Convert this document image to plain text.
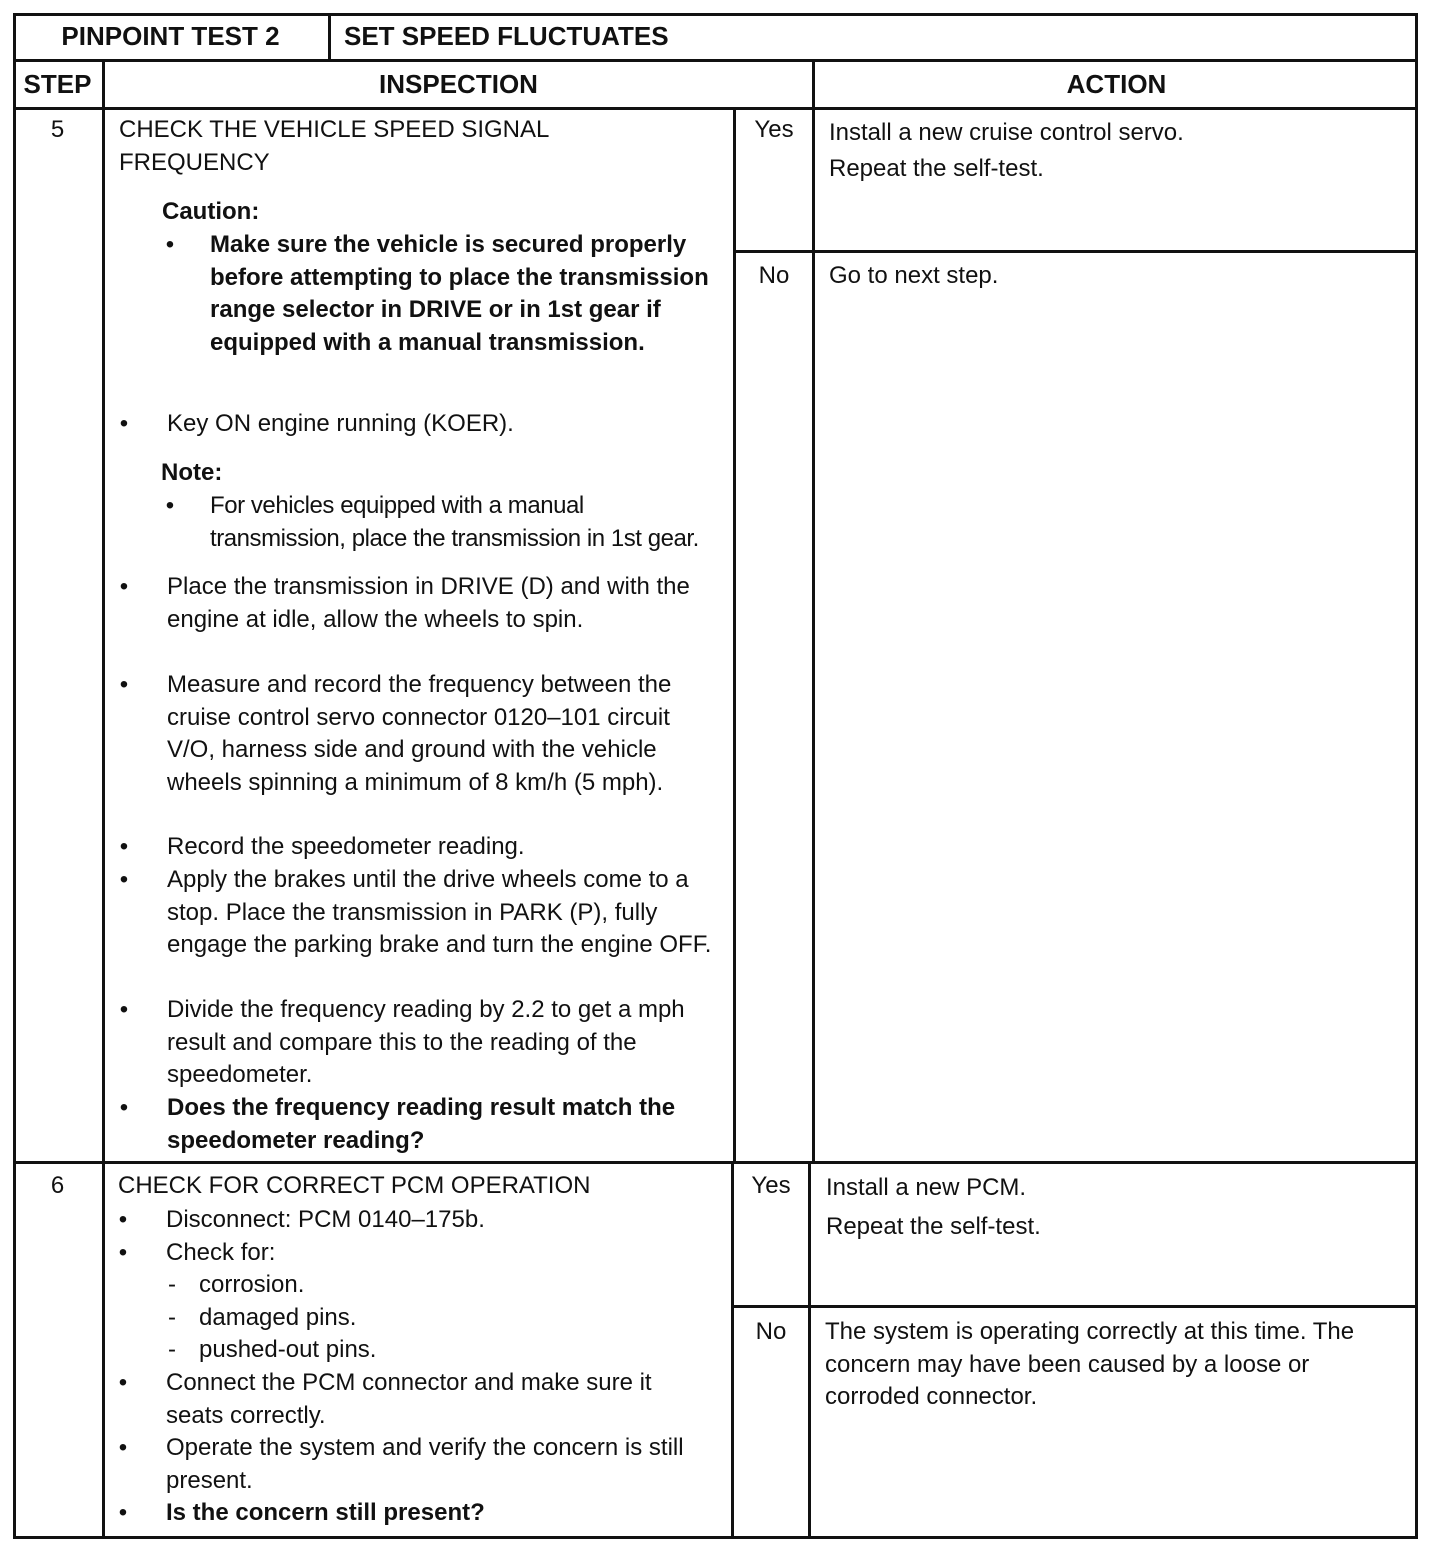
PINPOINT TEST 2	SET SPEED FLUCTUATES
STEP	INSPECTION	ACTION
5	CHECK THE VEHICLE SPEED SIGNAL FREQUENCY
Caution:
•
Make sure the vehicle is secured properly before attempting to place the transmission range selector in DRIVE or in 1st gear if equipped with a manual transmission.
•
Key ON engine running (KOER).
Note:
•
For vehicles equipped with a manual transmission, place the transmission in 1st gear.
•
Place the transmission in DRIVE (D) and with the engine at idle, allow the wheels to spin.
•
Measure and record the frequency between the cruise control servo connector 0120–101 circuit V/O, harness side and ground with the vehicle wheels spinning a minimum of 8 km/h (5 mph).
•
Record the speedometer reading.
•
Apply the brakes until the drive wheels come to a stop. Place the transmission in PARK (P), fully engage the parking brake and turn the engine OFF.
•
Divide the frequency reading by 2.2 to get a mph result and compare this to the reading of the speedometer.
•
Does the frequency reading result match the speedometer reading?
Yes	Install a new cruise control servo.
Repeat the self-test.
No	Go to next step.
6	CHECK FOR CORRECT PCM OPERATION
•
Disconnect: PCM 0140–175b.
•
Check for:
-
corrosion.
-
damaged pins.
-
pushed-out pins.
•
Connect the PCM connector and make sure it seats correctly.
•
Operate the system and verify the concern is still present.
•
Is the concern still present?
Yes	Install a new PCM.
Repeat the self-test.
No	The system is operating correctly at this time. The concern may have been caused by a loose or corroded connector.
